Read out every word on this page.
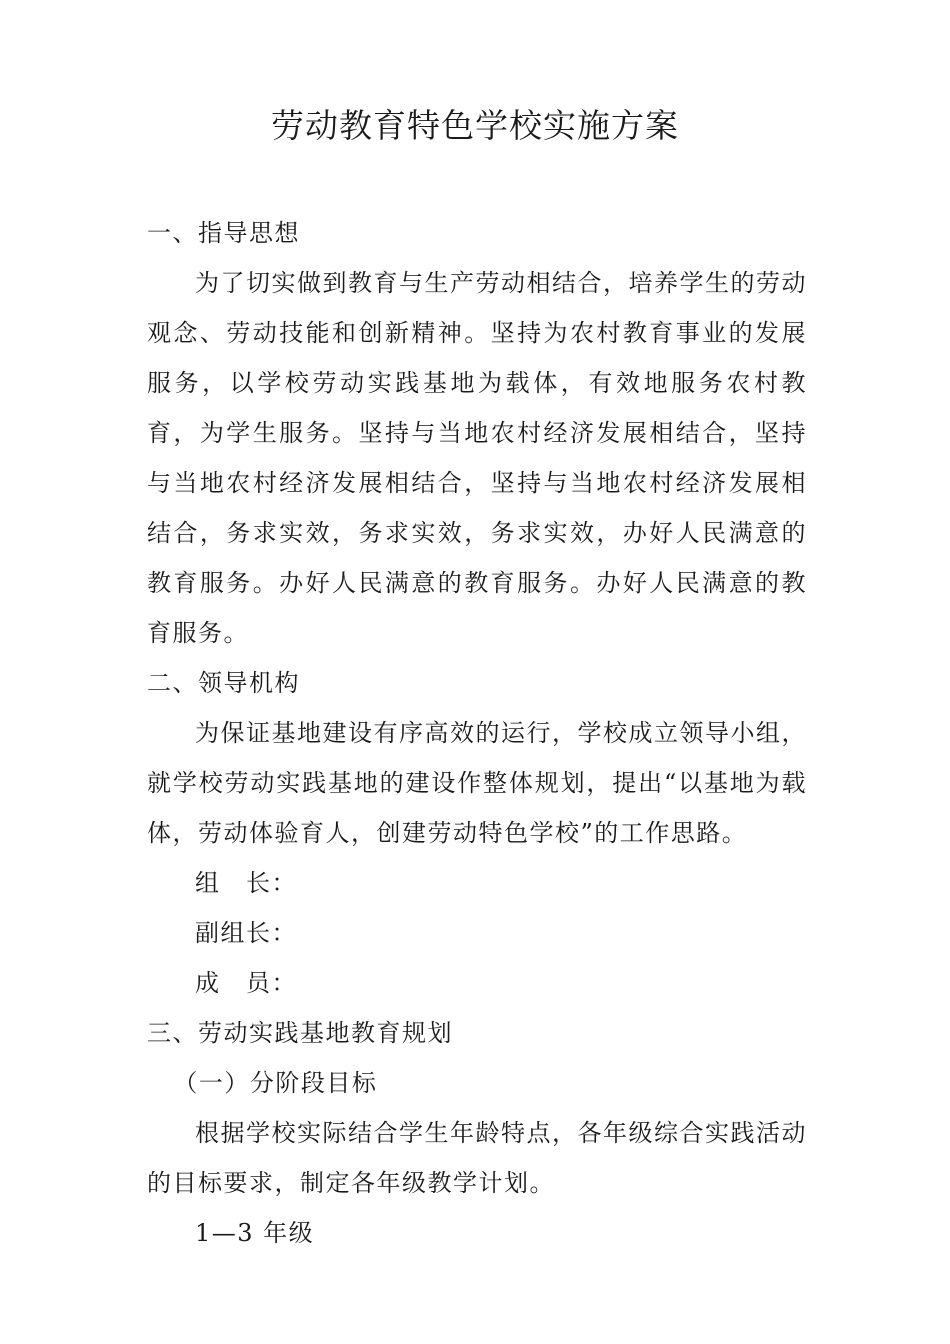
劳动教育特色学校实施方案

一、指导思想

为了切实做到教育与生产劳动相结合，培养学生的劳动观念、劳动技能和创新精神。坚持为农村教育事业的发展服务，以学校劳动实践基地为载体，有效地服务农村教育，为学生服务。坚持与当地农村经济发展相结合，坚持与当地农村经济发展相结合，坚持与当地农村经济发展相结合，务求实效，务求实效，务求实效，办好人民满意的教育服务。办好人民满意的教育服务。办好人民满意的教育服务。

二、领导机构

为保证基地建设有序高效的运行，学校成立领导小组，就学校劳动实践基地的建设作整体规划，提出“以基地为载体，劳动体验育人，创建劳动特色学校”的工作思路。

组　长：

副组长：

成　员：

三、劳动实践基地教育规划

（一）分阶段目标

根据学校实际结合学生年龄特点，各年级综合实践活动的目标要求，制定各年级教学计划。

1—3 年级
